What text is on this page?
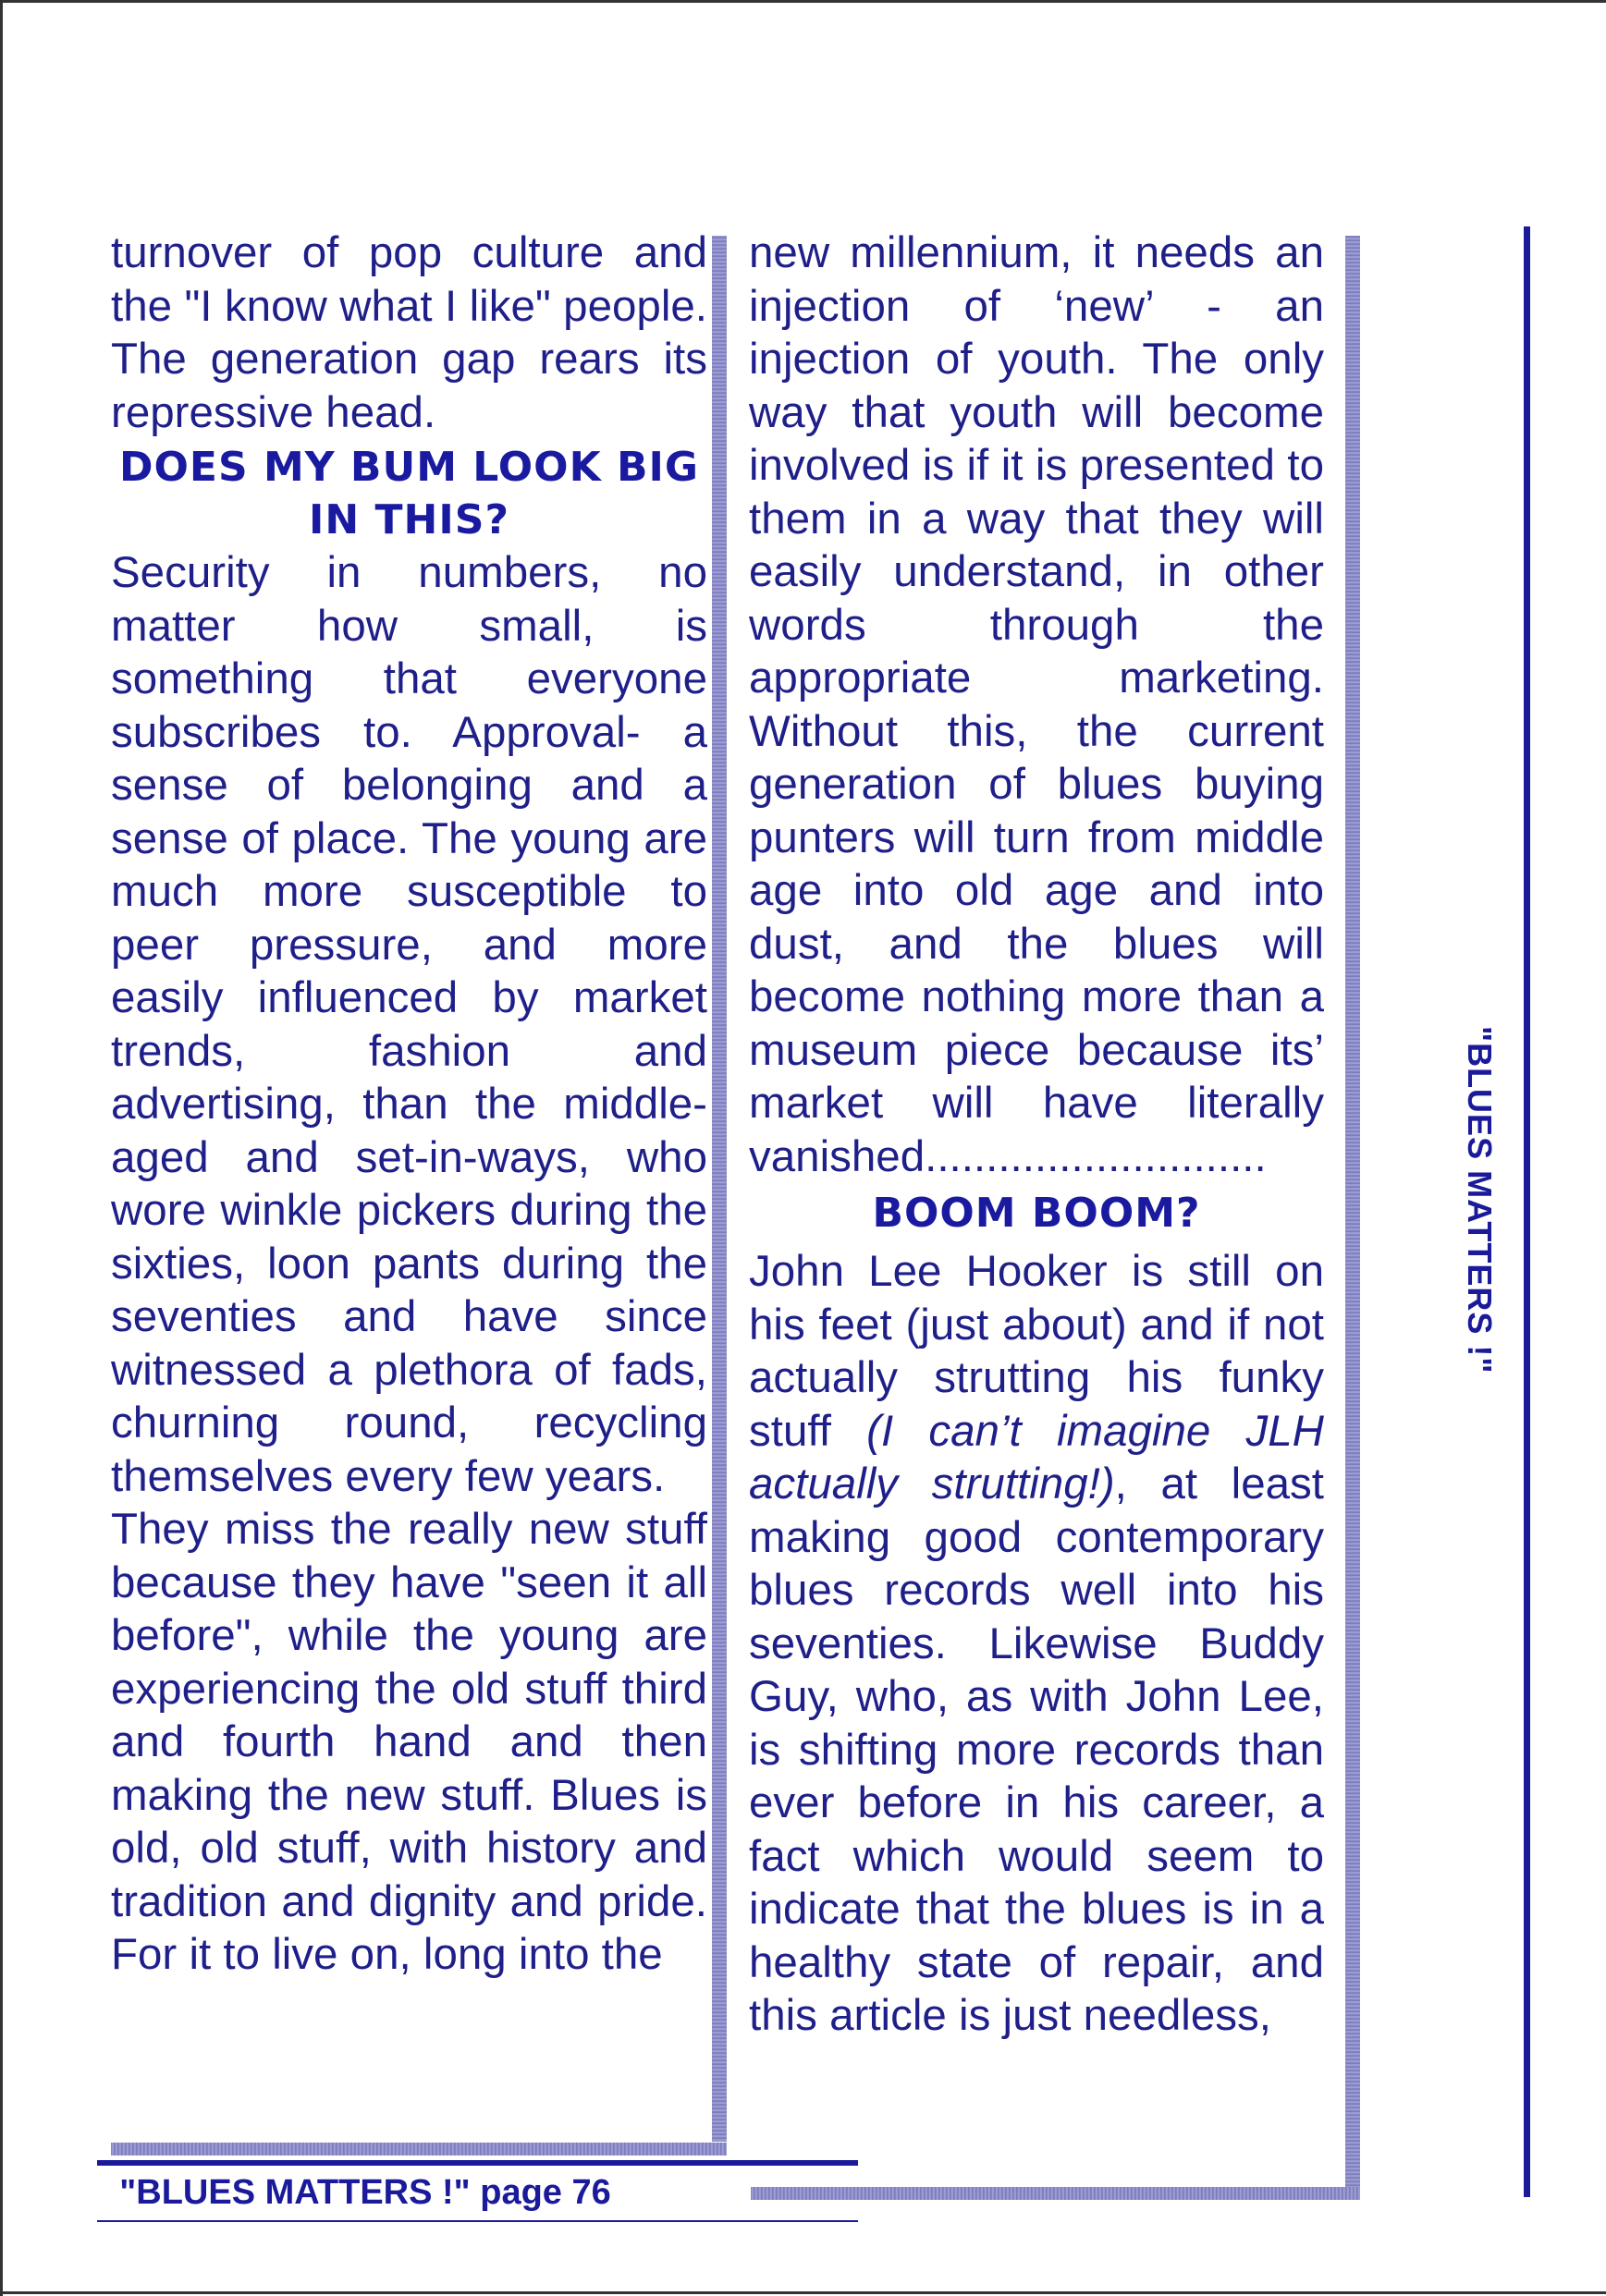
turnover of pop culture and the "I know what I like" people. The generation gap rears its repressive head.

DOES MY BUM LOOK BIG IN THIS?

Security in numbers, no matter how small, is something that everyone subscribes to. Approval- a sense of belonging and a sense of place. The young are much more susceptible to peer pressure, and more easily influenced by market trends, fashion and advertising, than the middle-aged and set-in-ways, who wore winkle pickers during the sixties, loon pants during the seventies and have since witnessed a plethora of fads, churning round, recycling themselves every few years.

They miss the really new stuff because they have "seen it all before", while the young are experiencing the old stuff third and fourth hand and then making the new stuff. Blues is old, old stuff, with history and tradition and dignity and pride. For it to live on, long into the

new millennium, it needs an injection of ‘new’ - an injection of youth. The only way that youth will become involved is if it is presented to them in a way that they will easily understand, in other words through the appropriate marketing. Without this, the current generation of blues buying punters will turn from middle age into old age and into dust, and the blues will become nothing more than a museum piece because its’ market will have literally vanished............................

BOOM BOOM?

John Lee Hooker is still on his feet (just about) and if not actually strutting his funky stuff (I can’t imagine JLH actually strutting!), at least making good contemporary blues records well into his seventies. Likewise Buddy Guy, who, as with John Lee, is shifting more records than ever before in his career, a fact which would seem to indicate that the blues is in a healthy state of repair, and this article is just needless,

"BLUES MATTERS !" page 76
"BLUES MATTERS !"
